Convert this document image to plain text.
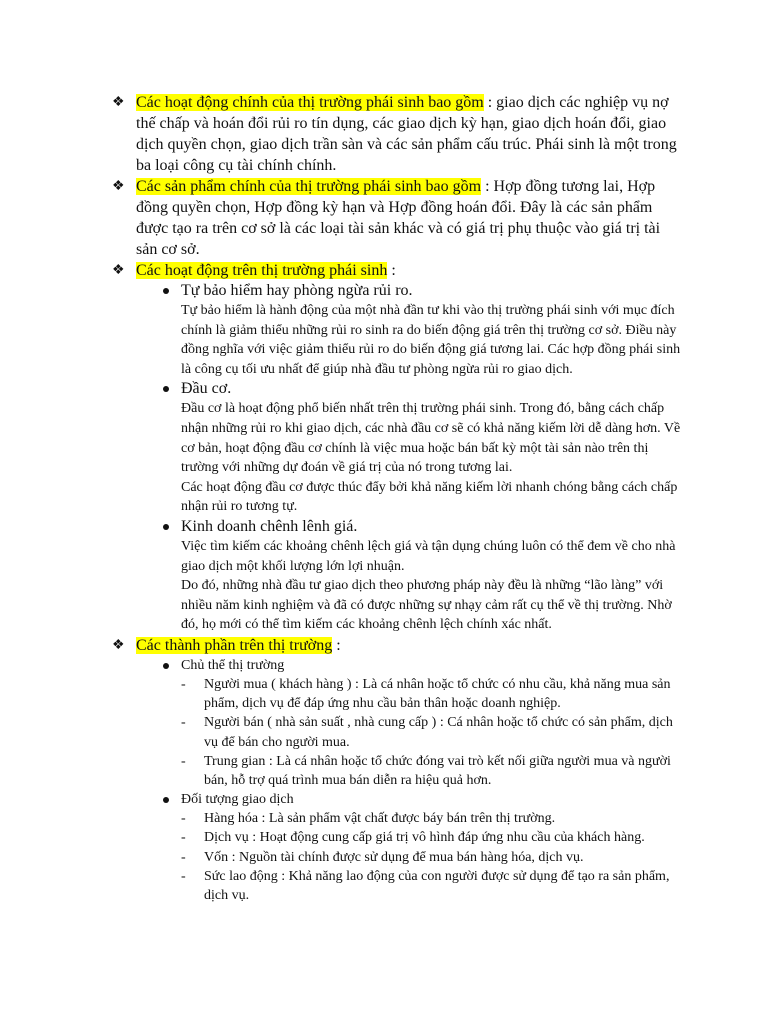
❖ Các hoạt động chính của thị trường phái sinh bao gồm : giao dịch các nghiệp vụ nợ thế chấp và hoán đổi rủi ro tín dụng, các giao dịch kỳ hạn, giao dịch hoán đổi, giao dịch quyền chọn, giao dịch trần sàn và các sản phẩm cấu trúc. Phái sinh là một trong ba loại công cụ tài chính chính.
❖ Các sản phẩm chính của thị trường phái sinh bao gồm : Hợp đồng tương lai, Hợp đồng quyền chọn, Hợp đồng kỳ hạn và Hợp đồng hoán đổi. Đây là các sản phẩm được tạo ra trên cơ sở là các loại tài sản khác và có giá trị phụ thuộc vào giá trị tài sản cơ sở.
❖ Các hoạt động trên thị trường phái sinh :
Tự bảo hiểm hay phòng ngừa rủi ro.
Tự bảo hiểm là hành động của một nhà đần tư khi vào thị trường phái sinh với mục đích chính là giảm thiểu những rủi ro sinh ra do biến động giá trên thị trường cơ sở. Điều này đồng nghĩa với việc giảm thiểu rủi ro do biến động giá tương lai. Các hợp đồng phái sinh là công cụ tối ưu nhất để giúp nhà đầu tư phòng ngừa rủi ro giao dịch.
Đầu cơ.
Đầu cơ là hoạt động phổ biến nhất trên thị trường phái sinh. Trong đó, bằng cách chấp nhận những rủi ro khi giao dịch, các nhà đầu cơ sẽ có khả năng kiếm lời dễ dàng hơn. Về cơ bản, hoạt động đầu cơ chính là việc mua hoặc bán bất kỳ một tài sản nào trên thị trường với những dự đoán về giá trị của nó trong tương lai.
Các hoạt động đầu cơ được thúc đẩy bởi khả năng kiếm lời nhanh chóng bằng cách chấp nhận rủi ro tương tự.
Kinh doanh chênh lênh giá.
Việc tìm kiếm các khoảng chênh lệch giá và tận dụng chúng luôn có thể đem về cho nhà giao dịch một khối lượng lớn lợi nhuận.
Do đó, những nhà đầu tư giao dịch theo phương pháp này đều là những “lão làng” với nhiều năm kinh nghiệm và đã có được những sự nhạy cảm rất cụ thể về thị trường. Nhờ đó, họ mới có thể tìm kiếm các khoảng chênh lệch chính xác nhất.
❖ Các thành phần trên thị trường :
Chủ thể thị trường
- Người mua ( khách hàng ) : Là cá nhân hoặc tổ chức có nhu cầu, khả năng mua sản phẩm, dịch vụ để đáp ứng nhu cầu bản thân hoặc doanh nghiệp.
- Người bán ( nhà sản suất , nhà cung cấp ) : Cá nhân hoặc tổ chức có sản phẩm, dịch vụ để bán cho người mua.
- Trung gian : Là cá nhân hoặc tổ chức đóng vai trò kết nối giữa người mua và người bán, hỗ trợ quá trình mua bán diễn ra hiệu quả hơn.
Đối tượng giao dịch
- Hàng hóa : Là sản phẩm vật chất được báy bán trên thị trường.
- Dịch vụ : Hoạt động cung cấp giá trị vô hình đáp ứng nhu cầu của khách hàng.
- Vốn : Nguồn tài chính được sử dụng để mua bán hàng hóa, dịch vụ.
- Sức lao động : Khả năng lao động của con người được sử dụng để tạo ra sản phẩm, dịch vụ.
